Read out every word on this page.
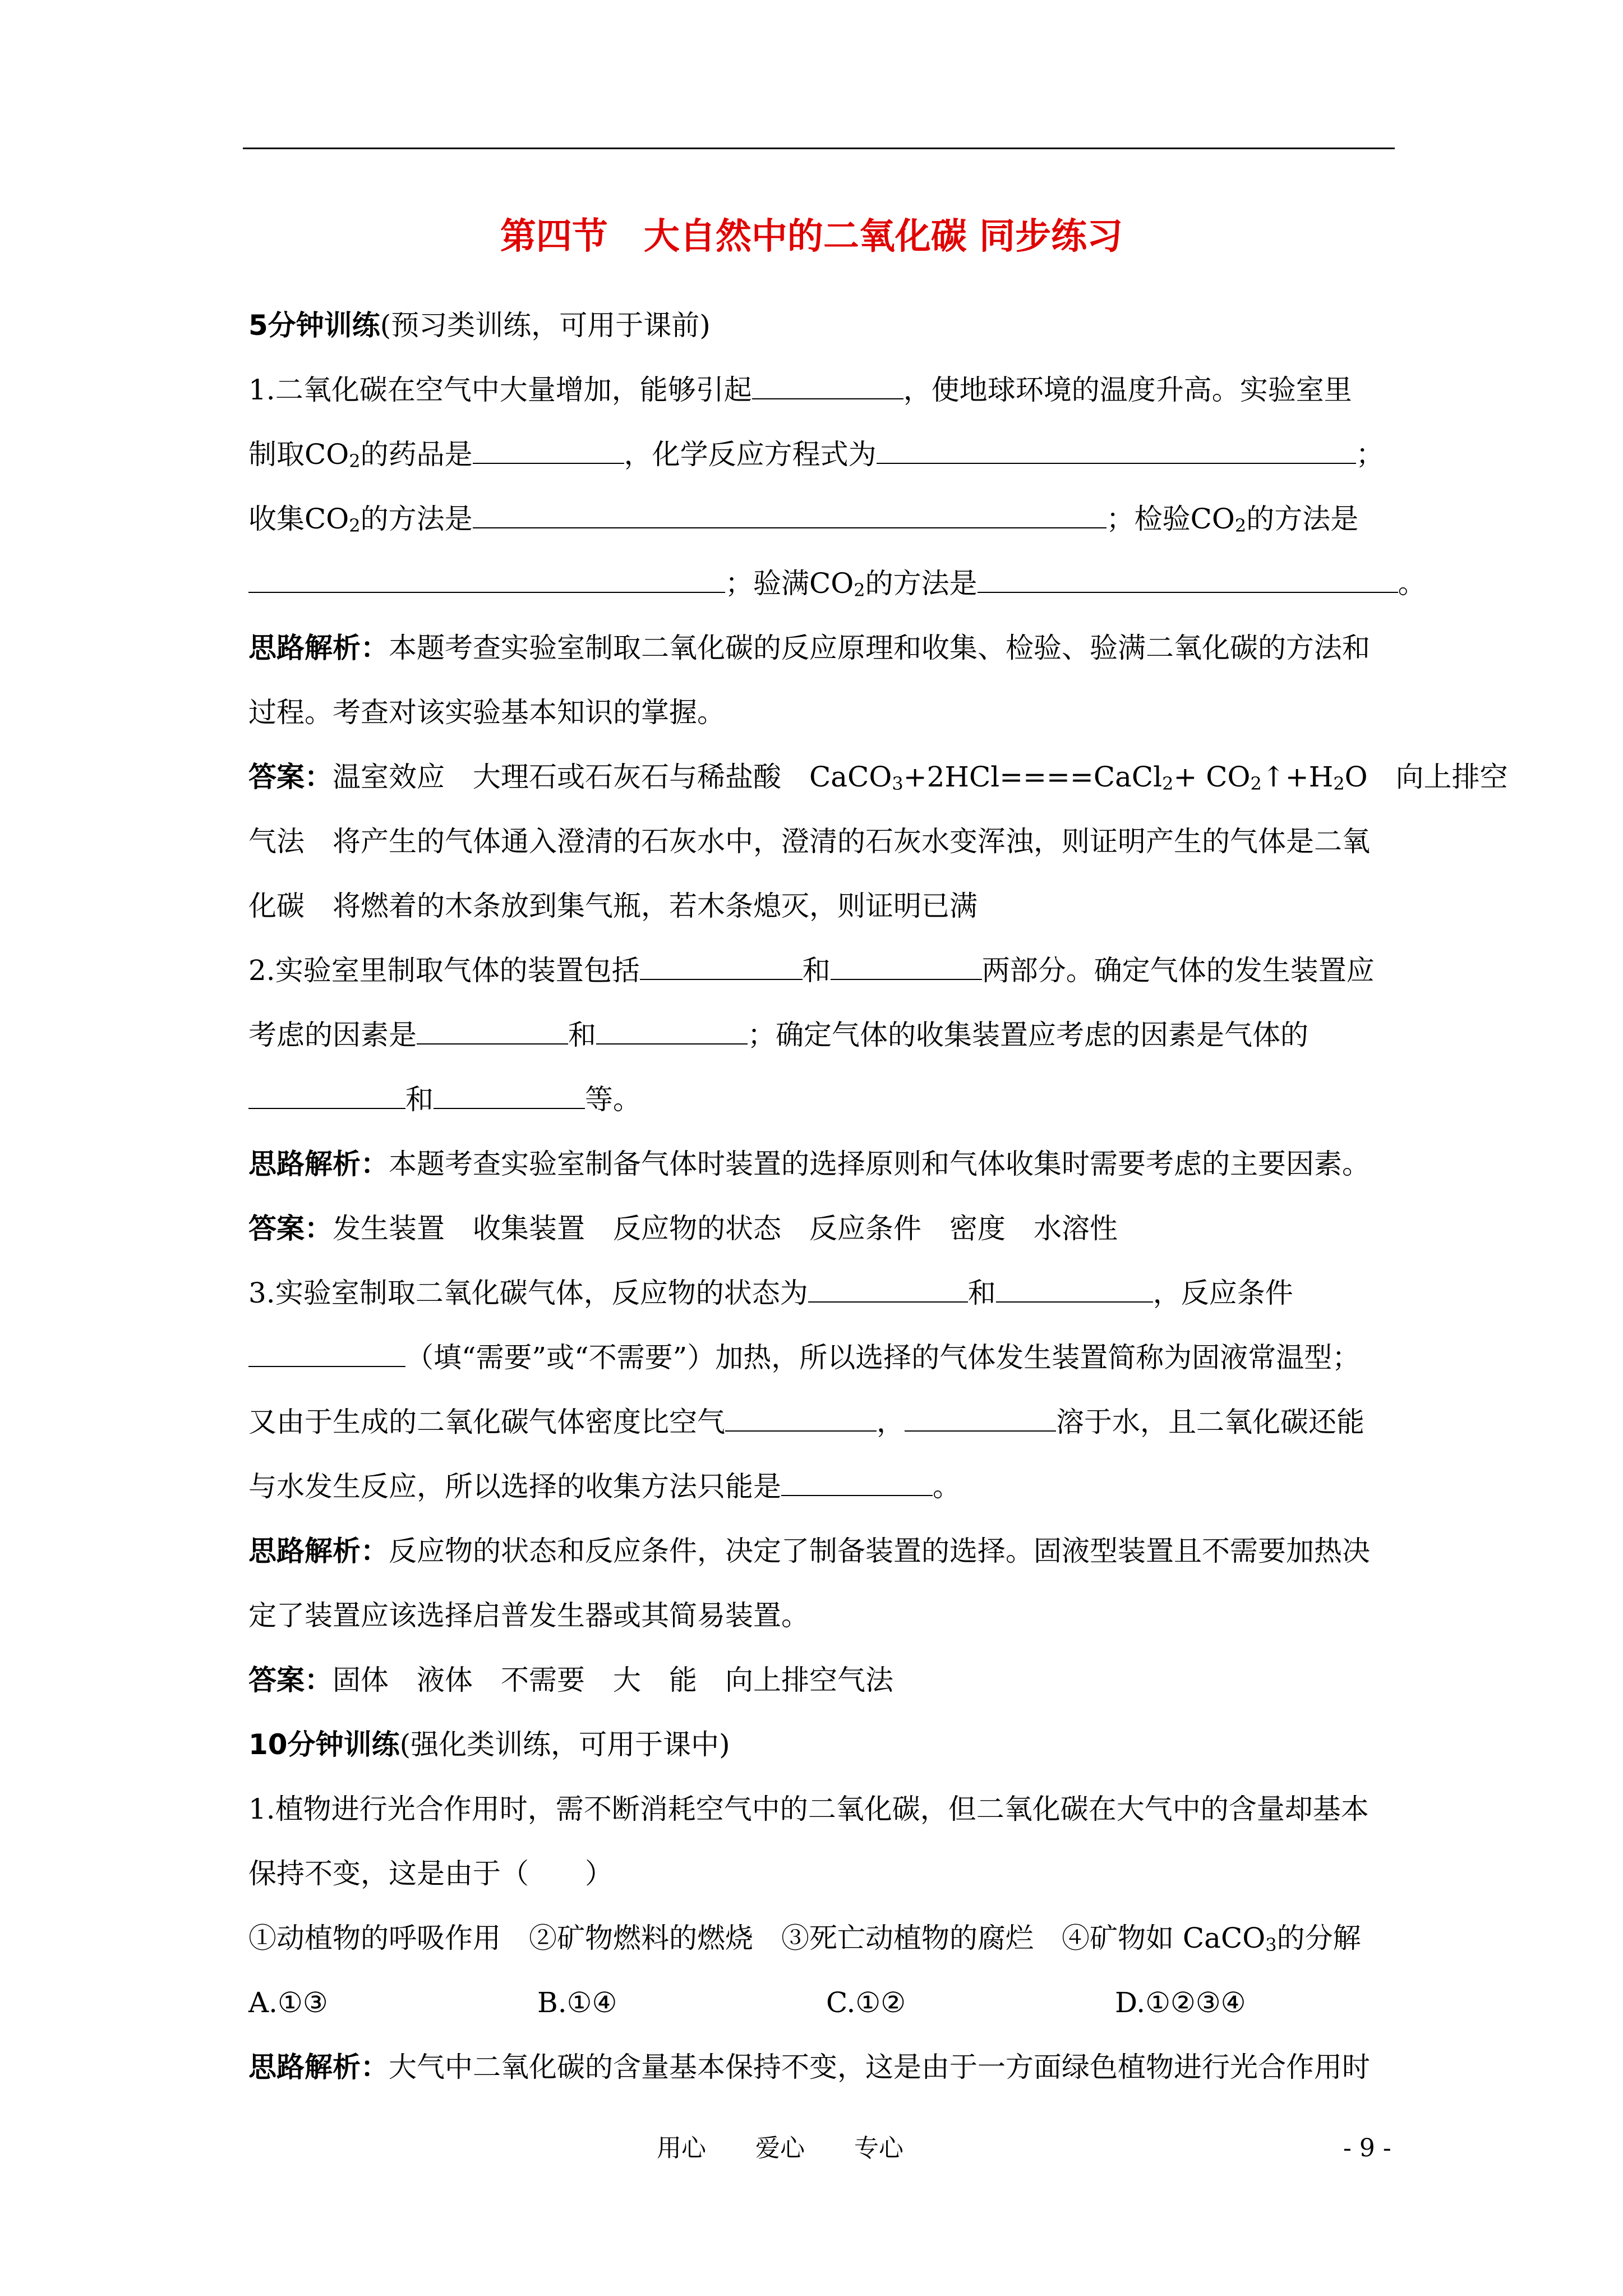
第四节　大自然中的二氧化碳 同步练习
5分钟训练(预习类训练，可用于课前)
1.二氧化碳在空气中大量增加，能够引起	，使地球环境的温度升高。实验室里
制取$CO_2$的药品是	，化学反应方程式为	；
收集$CO_2$的方法是	；检验$CO_2$的方法是
；验满$CO_2$的方法是	。
思路解析：本题考查实验室制取二氧化碳的反应原理和收集、检验、验满二氧化碳的方法和
过程。考查对该实验基本知识的掌握。
答案：温室效应　大理石或石灰石与稀盐酸　CaCO$_3$+2HCl====CaCl$_2$+ $CO_2↑+H_2O$　向上排空
气法　将产生的气体通入澄清的石灰水中，澄清的石灰水变浑浊，则证明产生的气体是二氧
化碳　将燃着的木条放到集气瓶，若木条熄灭，则证明已满
2.实验室里制取气体的装置包括	和	两部分。确定气体的发生装置应
考虑的因素是	和	；确定气体的收集装置应考虑的因素是气体的
和	等。
思路解析：本题考查实验室制备气体时装置的选择原则和气体收集时需要考虑的主要因素。
答案：发生装置　收集装置　反应物的状态　反应条件　密度　水溶性
3.实验室制取二氧化碳气体，反应物的状态为	和	，反应条件
（填“需要”或“不需要”）加热，所以选择的气体发生装置简称为固液常温型；
又由于生成的二氧化碳气体密度比空气	，	溶于水，且二氧化碳还能
与水发生反应，所以选择的收集方法只能是	。
思路解析：反应物的状态和反应条件，决定了制备装置的选择。固液型装置且不需要加热决
定了装置应该选择启普发生器或其简易装置。
答案：固体　液体　不需要　大　能　向上排空气法
10分钟训练(强化类训练，可用于课中)
1.植物进行光合作用时，需不断消耗空气中的二氧化碳，但二氧化碳在大气中的含量却基本
保持不变，这是由于（　　）
①动植物的呼吸作用　②矿物燃料的燃烧　③死亡动植物的腐烂　④矿物如 CaCO$_3$的分解
A.①③	B.①④	C.①②	D.①②③④
思路解析：大气中二氧化碳的含量基本保持不变，这是由于一方面绿色植物进行光合作用时
用心　　爱心　　专心	- 9 -
